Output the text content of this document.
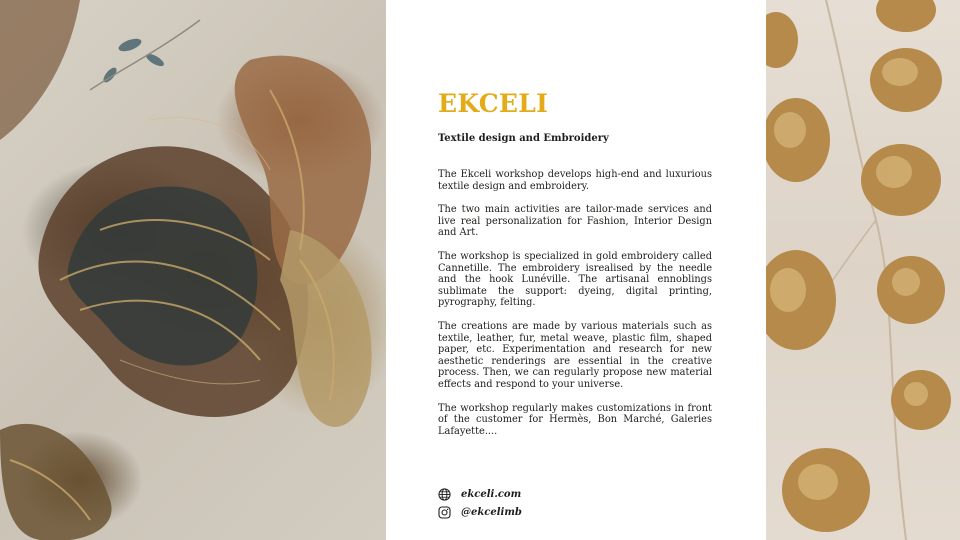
EKCELI
Textile design and Embroidery

The Ekceli workshop develops high-end and luxurious textile design and embroidery.

The two main activities are tailor-made services and live real personalization for Fashion, Interior Design and Art.

The workshop is specialized in gold embroidery called Cannetille. The embroidery isrealised by the needle and the hook Lunéville. The artisanal ennoblings sublimate the support: dyeing, digital printing, pyrography, felting.

The creations are made by various materials such as textile, leather, fur, metal weave, plastic film, shaped paper, etc. Experimentation and research for new aesthetic renderings are essential in the creative process. Then, we can regularly propose new material effects and respond to your universe.

The workshop regularly makes customizations in front of the customer for Hermès, Bon Marché, Galeries Lafayette....

ekceli.com
@ekcelimb
